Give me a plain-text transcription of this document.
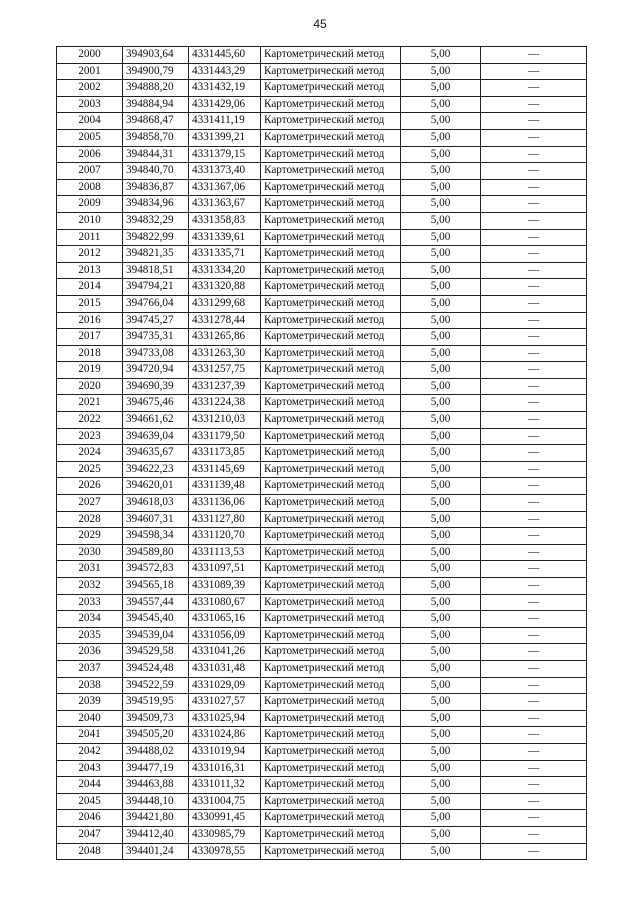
45
2000	394903,64	4331445,60	Картометрический метод	5,00	—
2001	394900,79	4331443,29	Картометрический метод	5,00	—
2002	394888,20	4331432,19	Картометрический метод	5,00	—
2003	394884,94	4331429,06	Картометрический метод	5,00	—
2004	394868,47	4331411,19	Картометрический метод	5,00	—
2005	394858,70	4331399,21	Картометрический метод	5,00	—
2006	394844,31	4331379,15	Картометрический метод	5,00	—
2007	394840,70	4331373,40	Картометрический метод	5,00	—
2008	394836,87	4331367,06	Картометрический метод	5,00	—
2009	394834,96	4331363,67	Картометрический метод	5,00	—
2010	394832,29	4331358,83	Картометрический метод	5,00	—
2011	394822,99	4331339,61	Картометрический метод	5,00	—
2012	394821,35	4331335,71	Картометрический метод	5,00	—
2013	394818,51	4331334,20	Картометрический метод	5,00	—
2014	394794,21	4331320,88	Картометрический метод	5,00	—
2015	394766,04	4331299,68	Картометрический метод	5,00	—
2016	394745,27	4331278,44	Картометрический метод	5,00	—
2017	394735,31	4331265,86	Картометрический метод	5,00	—
2018	394733,08	4331263,30	Картометрический метод	5,00	—
2019	394720,94	4331257,75	Картометрический метод	5,00	—
2020	394690,39	4331237,39	Картометрический метод	5,00	—
2021	394675,46	4331224,38	Картометрический метод	5,00	—
2022	394661,62	4331210,03	Картометрический метод	5,00	—
2023	394639,04	4331179,50	Картометрический метод	5,00	—
2024	394635,67	4331173,85	Картометрический метод	5,00	—
2025	394622,23	4331145,69	Картометрический метод	5,00	—
2026	394620,01	4331139,48	Картометрический метод	5,00	—
2027	394618,03	4331136,06	Картометрический метод	5,00	—
2028	394607,31	4331127,80	Картометрический метод	5,00	—
2029	394598,34	4331120,70	Картометрический метод	5,00	—
2030	394589,80	4331113,53	Картометрический метод	5,00	—
2031	394572,83	4331097,51	Картометрический метод	5,00	—
2032	394565,18	4331089,39	Картометрический метод	5,00	—
2033	394557,44	4331080,67	Картометрический метод	5,00	—
2034	394545,40	4331065,16	Картометрический метод	5,00	—
2035	394539,04	4331056,09	Картометрический метод	5,00	—
2036	394529,58	4331041,26	Картометрический метод	5,00	—
2037	394524,48	4331031,48	Картометрический метод	5,00	—
2038	394522,59	4331029,09	Картометрический метод	5,00	—
2039	394519,95	4331027,57	Картометрический метод	5,00	—
2040	394509,73	4331025,94	Картометрический метод	5,00	—
2041	394505,20	4331024,86	Картометрический метод	5,00	—
2042	394488,02	4331019,94	Картометрический метод	5,00	—
2043	394477,19	4331016,31	Картометрический метод	5,00	—
2044	394463,88	4331011,32	Картометрический метод	5,00	—
2045	394448,10	4331004,75	Картометрический метод	5,00	—
2046	394421,80	4330991,45	Картометрический метод	5,00	—
2047	394412,40	4330985,79	Картометрический метод	5,00	—
2048	394401,24	4330978,55	Картометрический метод	5,00	—
